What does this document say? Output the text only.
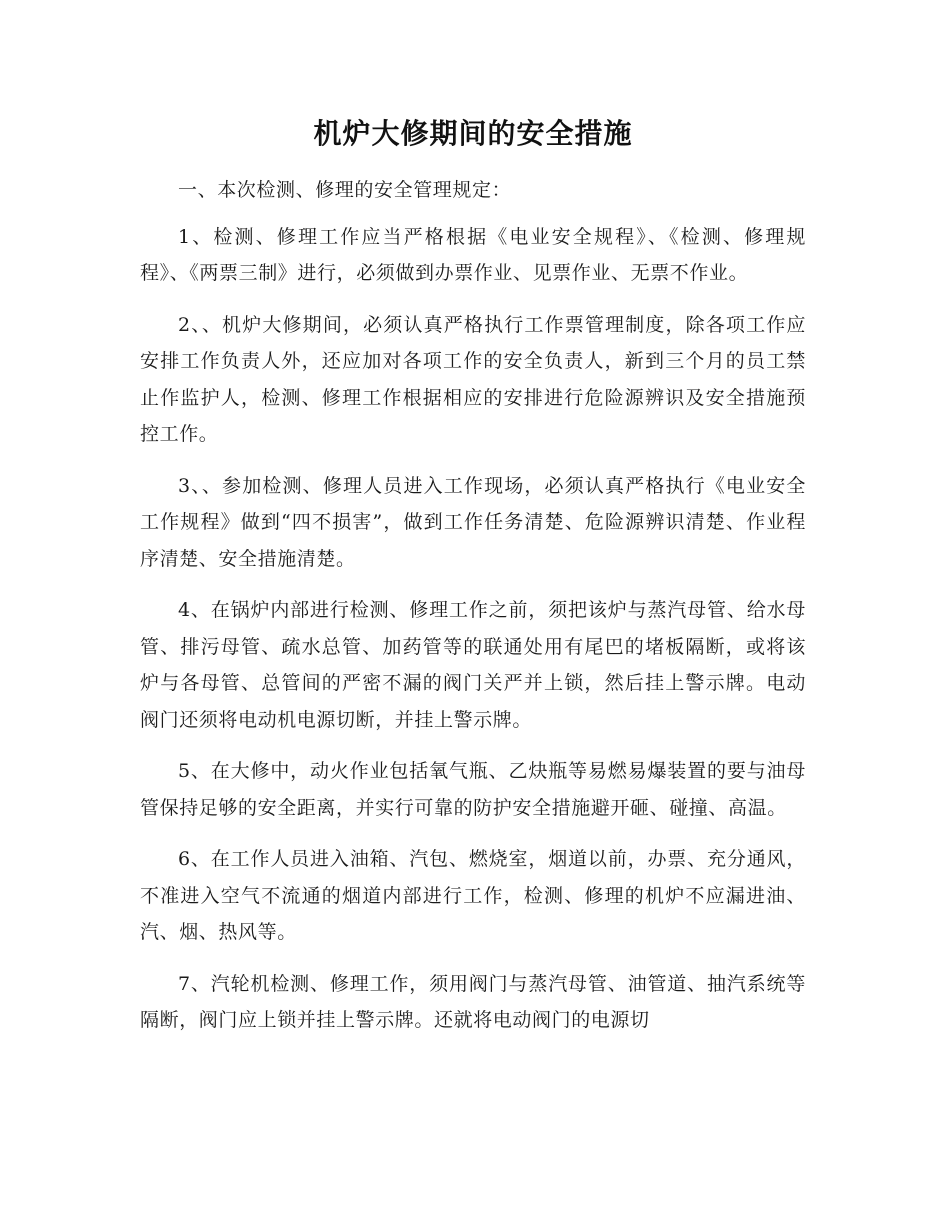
机炉大修期间的安全措施

一、本次检测、修理的安全管理规定：

1、检测、修理工作应当严格根据《电业安全规程》、《检测、修理规程》、《两票三制》进行，必须做到办票作业、见票作业、无票不作业。

2、、机炉大修期间，必须认真严格执行工作票管理制度，除各项工作应安排工作负责人外，还应加对各项工作的安全负责人，新到三个月的员工禁止作监护人，检测、修理工作根据相应的安排进行危险源辨识及安全措施预控工作。

3、、参加检测、修理人员进入工作现场，必须认真严格执行《电业安全工作规程》做到“四不损害”，做到工作任务清楚、危险源辨识清楚、作业程序清楚、安全措施清楚。

4、在锅炉内部进行检测、修理工作之前，须把该炉与蒸汽母管、给水母管、排污母管、疏水总管、加药管等的联通处用有尾巴的堵板隔断，或将该炉与各母管、总管间的严密不漏的阀门关严并上锁，然后挂上警示牌。电动阀门还须将电动机电源切断，并挂上警示牌。

5、在大修中，动火作业包括氧气瓶、乙炔瓶等易燃易爆装置的要与油母管保持足够的安全距离，并实行可靠的防护安全措施避开砸、碰撞、高温。

6、在工作人员进入油箱、汽包、燃烧室，烟道以前，办票、充分通风，不准进入空气不流通的烟道内部进行工作，检测、修理的机炉不应漏进油、汽、烟、热风等。

7、汽轮机检测、修理工作，须用阀门与蒸汽母管、油管道、抽汽系统等隔断，阀门应上锁并挂上警示牌。还就将电动阀门的电源切
